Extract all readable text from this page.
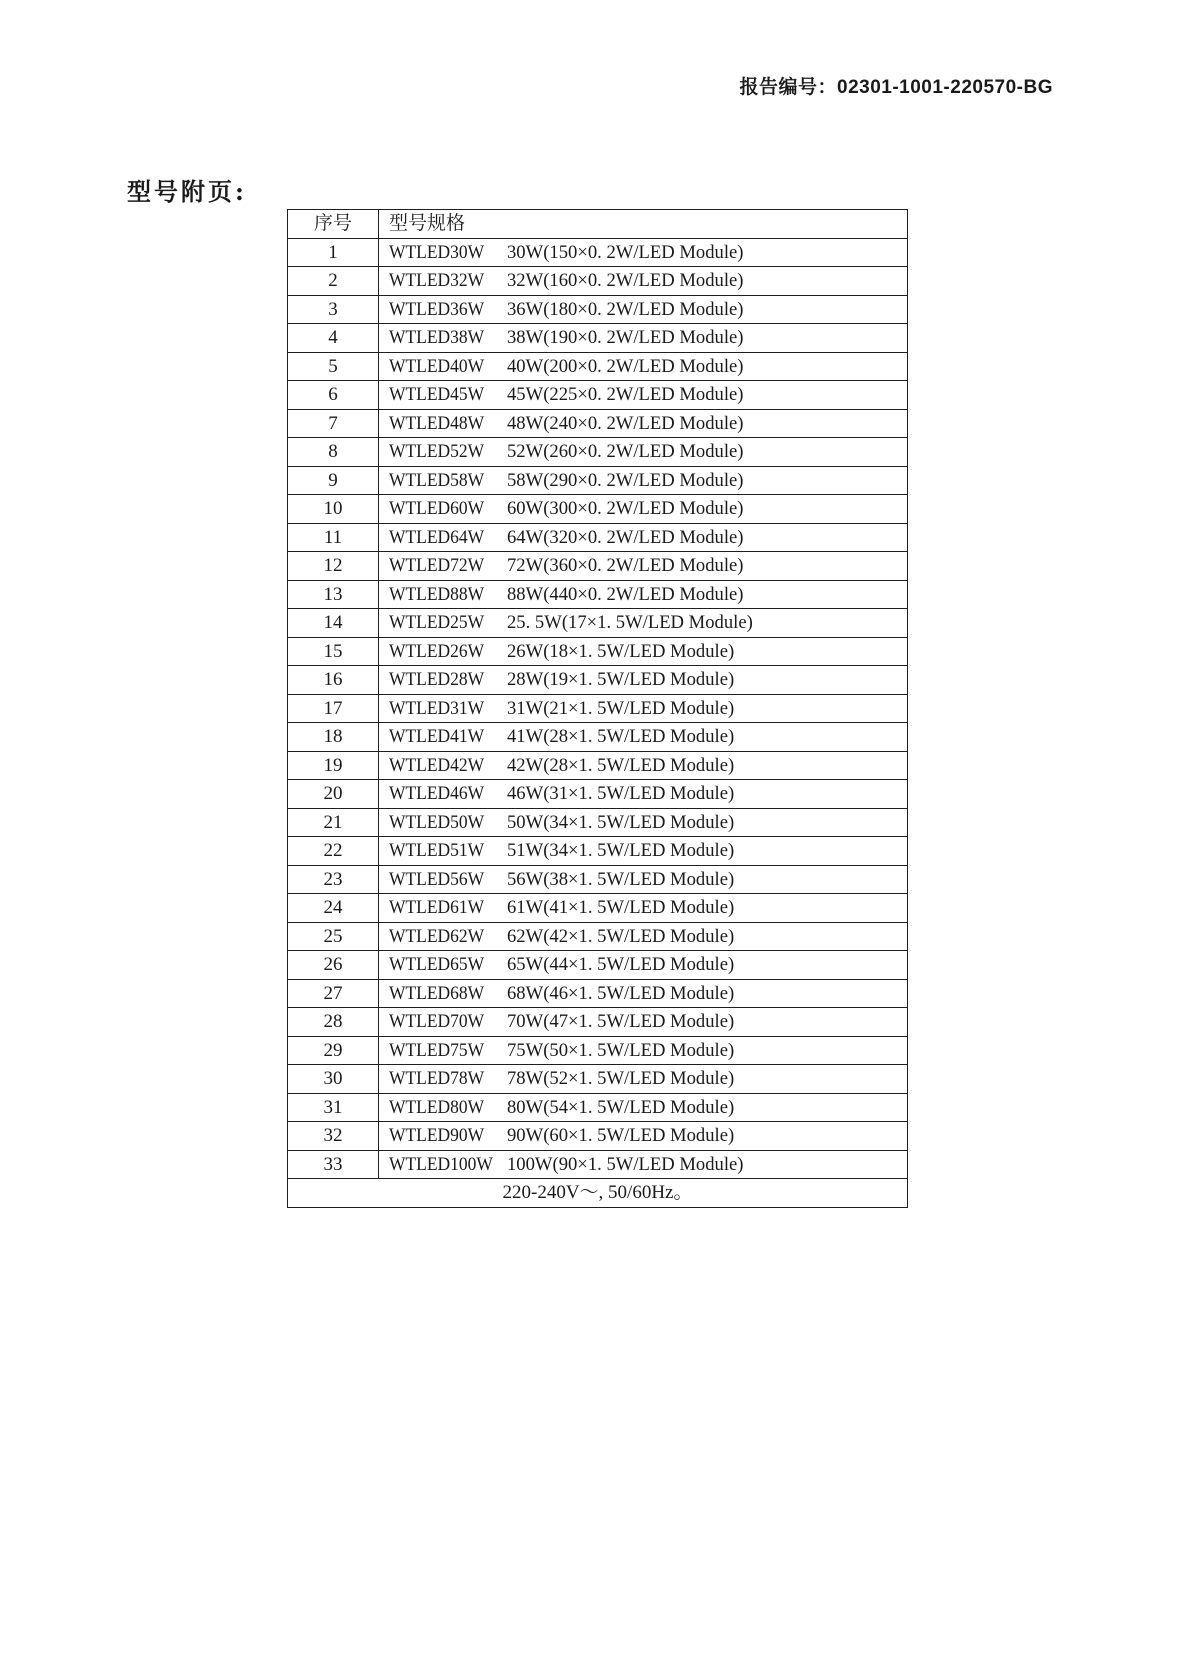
报告编号：02301-1001-220570-BG
型号附页:
序号	型号规格
1	WTLED30W 30W(150×0. 2W/LED Module)
2	WTLED32W 32W(160×0. 2W/LED Module)
3	WTLED36W 36W(180×0. 2W/LED Module)
4	WTLED38W 38W(190×0. 2W/LED Module)
5	WTLED40W 40W(200×0. 2W/LED Module)
6	WTLED45W 45W(225×0. 2W/LED Module)
7	WTLED48W 48W(240×0. 2W/LED Module)
8	WTLED52W 52W(260×0. 2W/LED Module)
9	WTLED58W 58W(290×0. 2W/LED Module)
10	WTLED60W 60W(300×0. 2W/LED Module)
11	WTLED64W 64W(320×0. 2W/LED Module)
12	WTLED72W 72W(360×0. 2W/LED Module)
13	WTLED88W 88W(440×0. 2W/LED Module)
14	WTLED25W 25. 5W(17×1. 5W/LED Module)
15	WTLED26W 26W(18×1. 5W/LED Module)
16	WTLED28W 28W(19×1. 5W/LED Module)
17	WTLED31W 31W(21×1. 5W/LED Module)
18	WTLED41W 41W(28×1. 5W/LED Module)
19	WTLED42W 42W(28×1. 5W/LED Module)
20	WTLED46W 46W(31×1. 5W/LED Module)
21	WTLED50W 50W(34×1. 5W/LED Module)
22	WTLED51W 51W(34×1. 5W/LED Module)
23	WTLED56W 56W(38×1. 5W/LED Module)
24	WTLED61W 61W(41×1. 5W/LED Module)
25	WTLED62W 62W(42×1. 5W/LED Module)
26	WTLED65W 65W(44×1. 5W/LED Module)
27	WTLED68W 68W(46×1. 5W/LED Module)
28	WTLED70W 70W(47×1. 5W/LED Module)
29	WTLED75W 75W(50×1. 5W/LED Module)
30	WTLED78W 78W(52×1. 5W/LED Module)
31	WTLED80W 80W(54×1. 5W/LED Module)
32	WTLED90W 90W(60×1. 5W/LED Module)
33	WTLED100W 100W(90×1. 5W/LED Module)
220-240V～, 50/60Hz。	
